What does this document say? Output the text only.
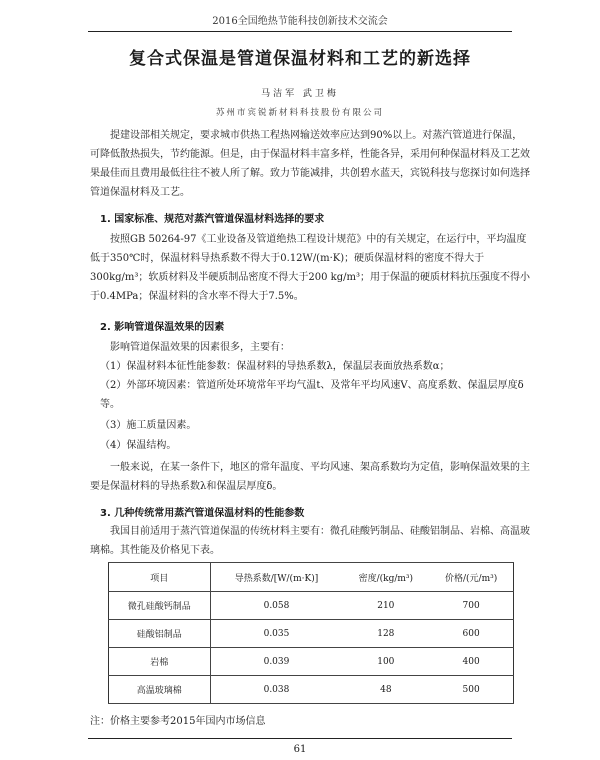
2016全国绝热节能科技创新技术交流会
复合式保温是管道保温材料和工艺的新选择
马洁军 武卫梅
苏州市宾锐新材料科技股份有限公司

提建设部相关规定，要求城市供热工程热网输送效率应达到90%以上。对蒸汽管道进行保温，可降低散热损失，节约能源。但是，由于保温材料丰富多样，性能各异，采用何种保温材料及工艺效果最佳而且费用最低往往不被人所了解。致力节能减排，共创碧水蓝天，宾锐科技与您探讨如何选择管道保温材料及工艺。

1. 国家标准、规范对蒸汽管道保温材料选择的要求

按照GB 50264-97《工业设备及管道绝热工程设计规范》中的有关规定，在运行中，平均温度低于350℃时，保温材料导热系数不得大于0.12W/(m·K)；硬质保温材料的密度不得大于300kg/m³；软质材料及半硬质制品密度不得大于200 kg/m³；用于保温的硬质材料抗压强度不得小于0.4MPa；保温材料的含水率不得大于7.5%。

2. 影响管道保温效果的因素

影响管道保温效果的因素很多，主要有：

（1）保温材料本征性能参数：保温材料的导热系数λ，保温层表面放热系数α；
（2）外部环境因素：管道所处环境常年平均气温t、及常年平均风速V、高度系数、保温层厚度δ等。
（3）施工质量因素。
（4）保温结构。

一般来说，在某一条件下，地区的常年温度、平均风速、架高系数均为定值，影响保温效果的主要是保温材料的导热系数λ和保温层厚度δ。

3. 几种传统常用蒸汽管道保温材料的性能参数

我国目前适用于蒸汽管道保温的传统材料主要有：微孔硅酸钙制品、硅酸铝制品、岩棉、高温玻璃棉。其性能及价格见下表。

项目	导热系数/[W/(m·K)]	密度/(kg/m³)	价格/(元/m³)
微孔硅酸钙制品	0.058	210	700
硅酸铝制品	0.035	128	600
岩棉	0.039	100	400
高温玻璃棉	0.038	48	500
注：价格主要参考2015年国内市场信息
61
